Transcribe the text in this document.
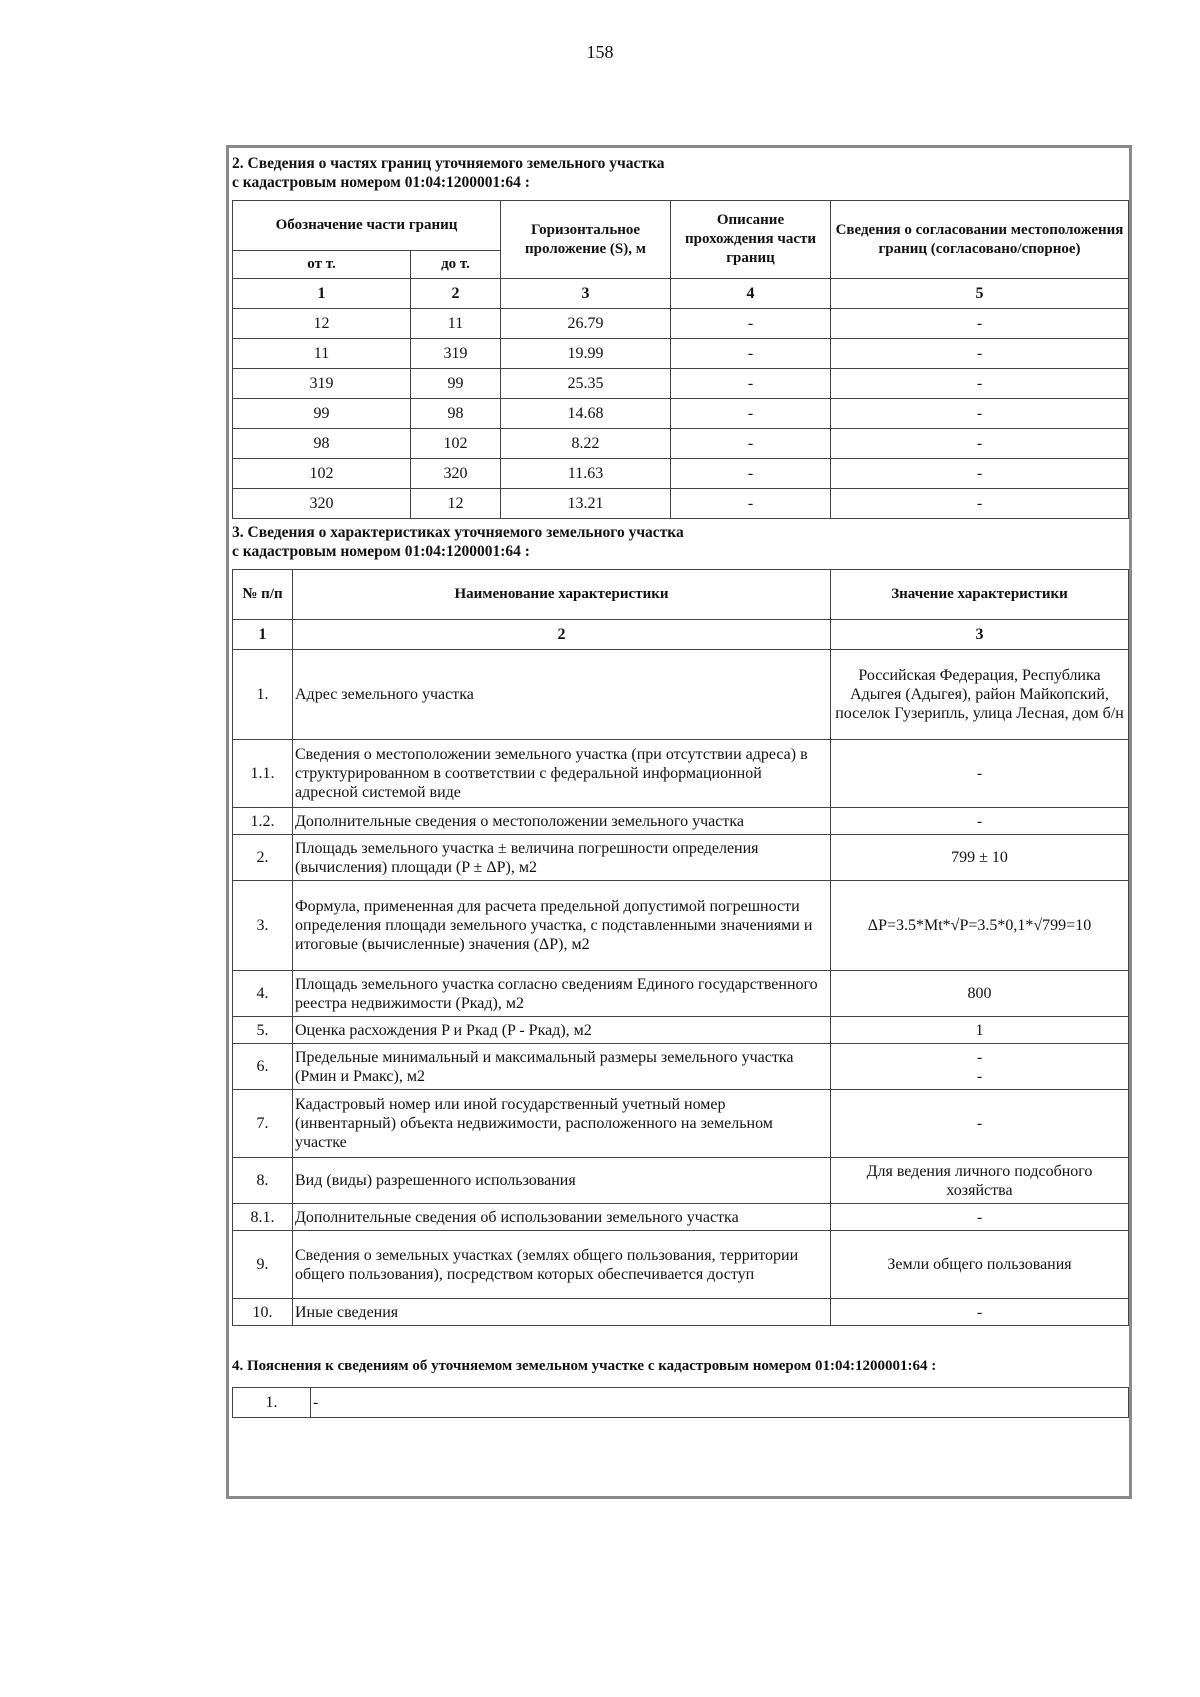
158
2. Сведения о частях границ уточняемого земельного участка
с кадастровым номером 01:04:1200001:64 :
Обозначение части границ		Горизонтальное проложение (S), м	Описание прохождения части границ	Сведения о согласовании местоположения границ (согласовано/спорное)
от т.	до т.			
1	2	3	4	5
12	11	26.79	-	-
11	319	19.99	-	-
319	99	25.35	-	-
99	98	14.68	-	-
98	102	8.22	-	-
102	320	11.63	-	-
320	12	13.21	-	-
3. Сведения о характеристиках уточняемого земельного участка
с кадастровым номером 01:04:1200001:64 :
№ п/п	Наименование характеристики	Значение характеристики
1	2	3
1.	Адрес земельного участка	Российская Федерация, Республика Адыгея (Адыгея), район Майкопский, поселок Гузерипль, улица Лесная, дом б/н
1.1.	Сведения о местоположении земельного участка (при отсутствии адреса) в структурированном в соответствии с федеральной информационной адресной системой виде	-
1.2.	Дополнительные сведения о местоположении земельного участка	-
2.	Площадь земельного участка ± величина погрешности определения (вычисления) площади (P ± ΔP), м2	799 ± 10
3.	Формула, примененная для расчета предельной допустимой погрешности определения площади земельного участка, с подставленными значениями и итоговые (вычисленные) значения (ΔP), м2	ΔP=3.5*Mt*√P=3.5*0,1*√799=10
4.	Площадь земельного участка согласно сведениям Единого государственного реестра недвижимости (Pкад), м2	800
5.	Оценка расхождения P и Pкад (P - Pкад), м2	1
6.	Предельные минимальный и максимальный размеры земельного участка (Pмин и Pмакс), м2	-
-

7.	Кадастровый номер или иной государственный учетный номер (инвентарный) объекта недвижимости, расположенного на земельном участке	-
8.	Вид (виды) разрешенного использования	Для ведения личного подсобного хозяйства
8.1.	Дополнительные сведения об использовании земельного участка	-
9.	Сведения о земельных участках (землях общего пользования, территории общего пользования), посредством которых обеспечивается доступ	Земли общего пользования
10.	Иные сведения	-
4. Пояснения к сведениям об уточняемом земельном участке с кадастровым номером 01:04:1200001:64 :
1.	-
